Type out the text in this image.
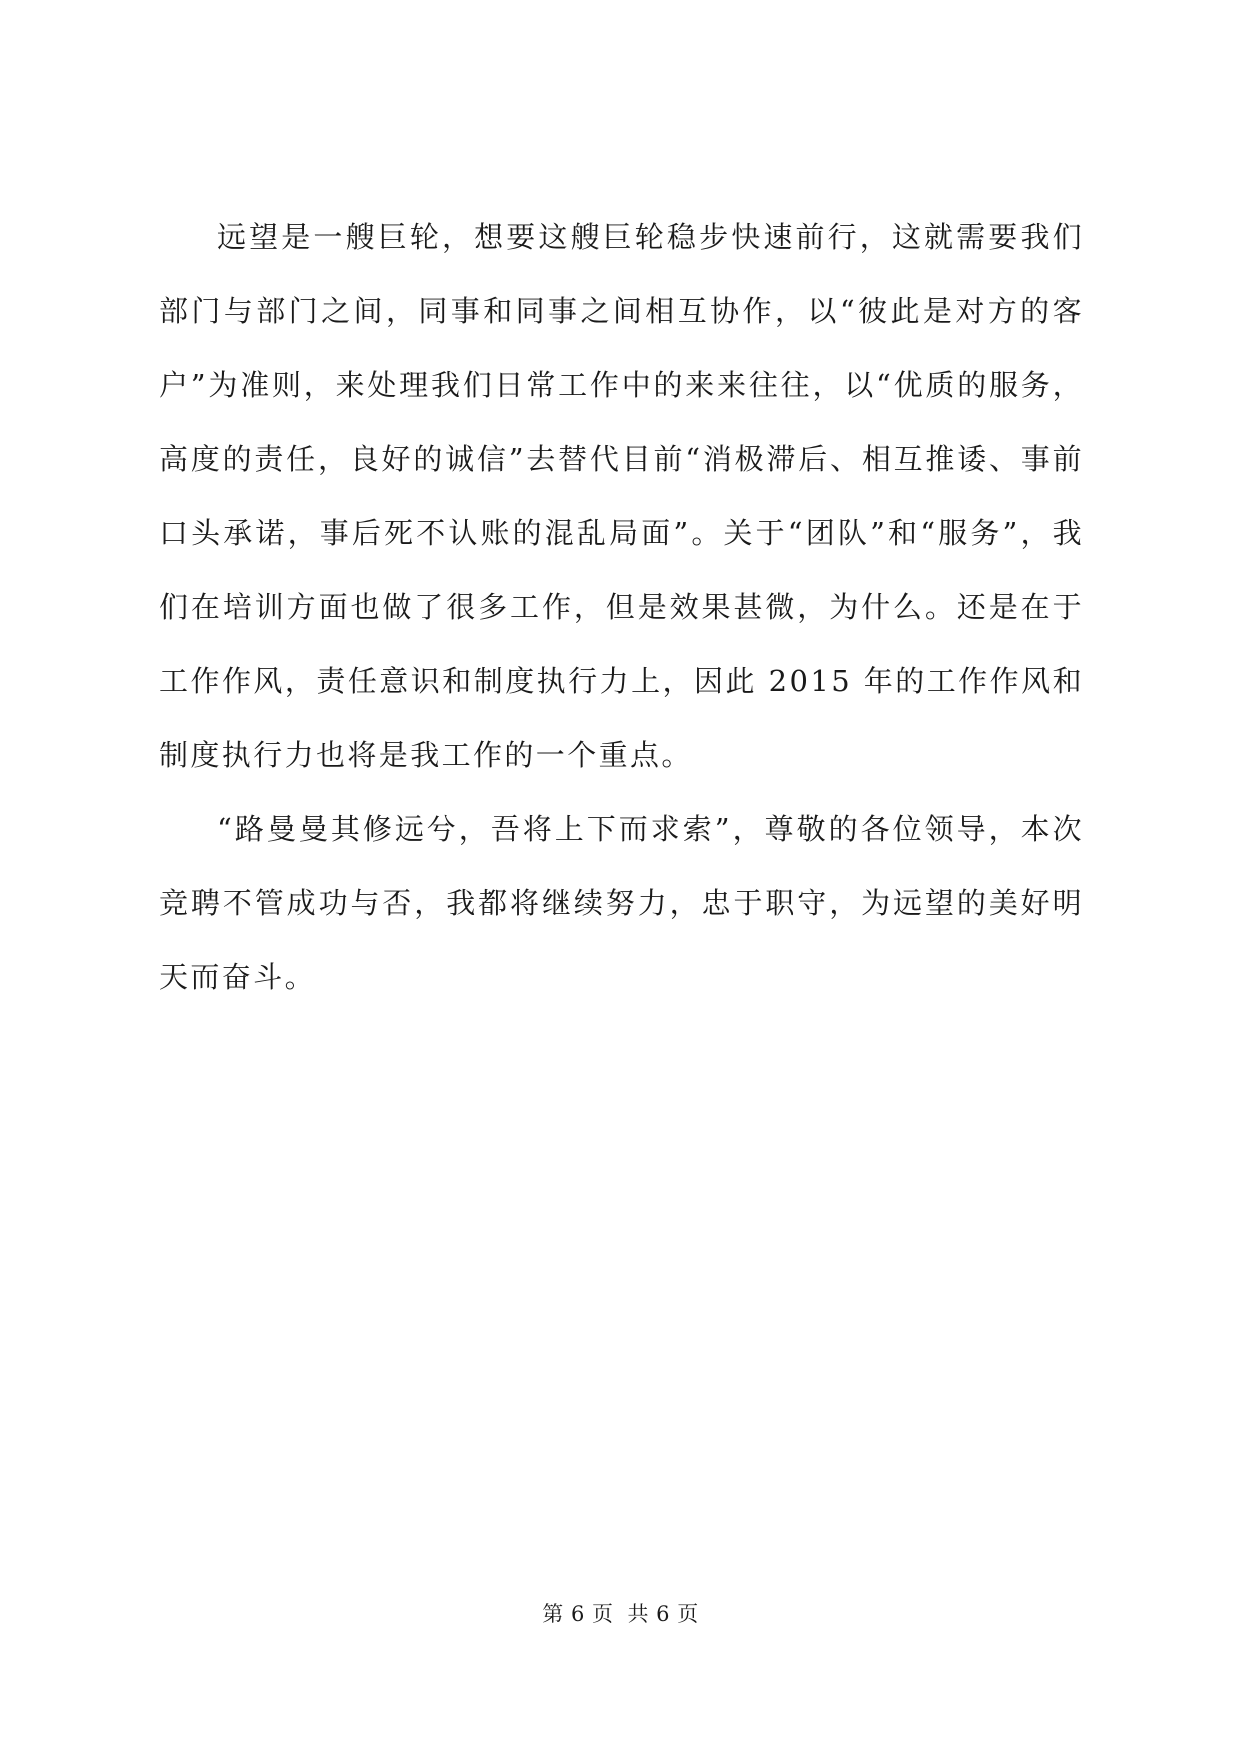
远望是一艘巨轮，想要这艘巨轮稳步快速前行，这就需要我们部门与部门之间，同事和同事之间相互协作，以“彼此是对方的客户”为准则，来处理我们日常工作中的来来往往，以“优质的服务，高度的责任，良好的诚信”去替代目前“消极滞后、相互推诿、事前口头承诺，事后死不认账的混乱局面”。关于“团队”和“服务”，我们在培训方面也做了很多工作，但是效果甚微，为什么。还是在于工作作风，责任意识和制度执行力上，因此 2015 年的工作作风和制度执行力也将是我工作的一个重点。

“路曼曼其修远兮，吾将上下而求索”，尊敬的各位领导，本次竞聘不管成功与否，我都将继续努力，忠于职守，为远望的美好明天而奋斗。

第 6 页 共 6 页
